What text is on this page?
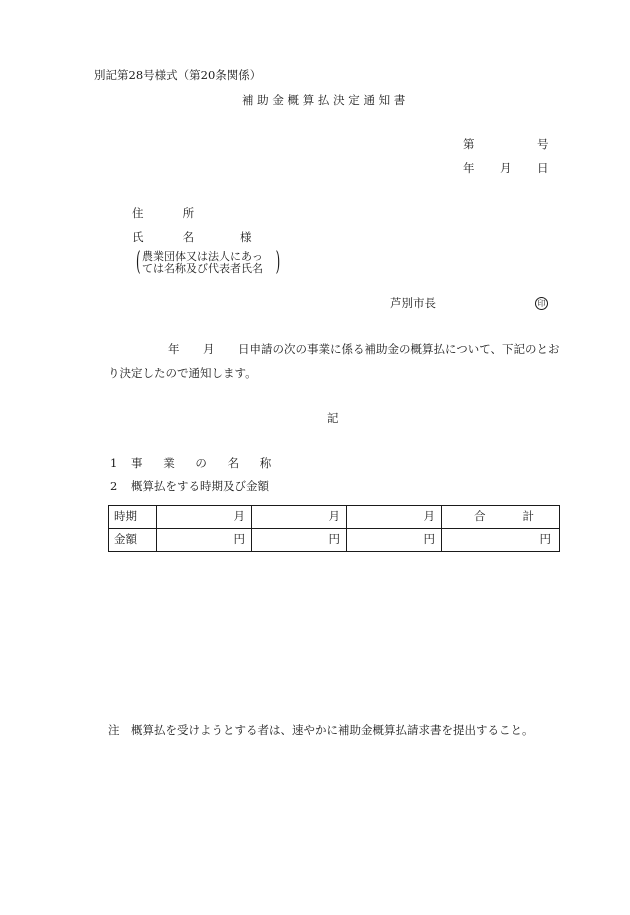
別記第28号様式（第20条関係）
補助金概算払決定通知書
第	号
年 月 日
住　所
氏　名	様
( 農業団体又は法人にあっ
ては名称及び代表者氏名 )
芦別市長	印
年 月 日申請の次の事業に係る補助金の概算払について、下記のとお
り決定したので通知します。
記
1 事業の名称
2 概算払をする時期及び金額
時期	月	月	月	合 計

金額	円	円	円	円
注 概算払を受けようとする者は、速やかに補助金概算払請求書を提出すること。
